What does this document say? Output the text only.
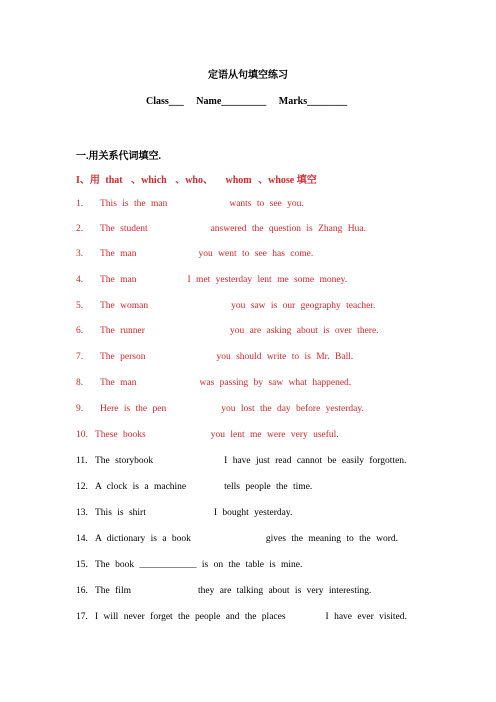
定语从句填空练习
Class___ Name_________ Marks________
一.用关系代词填空.
I、用 that 、which 、who、 whom 、whose 填空
1. This is the man	wants to see you.
2. The student	answered the question is Zhang Hua.
3. The man	you went to see has come.
4. The man	I met yesterday lent me some money.
5. The woman	you saw is our geography teacher.
6. The runner	you are asking about is over there.
7. The person	you should write to is Mr. Ball.
8. The man	was passing by saw what happened.
9. Here is the pen	you lost the day before yesterday.
10. These books	you lent me were very useful.
11. The storybook	I have just read cannot be easily forgotten.
12. A clock is a machine	tells people the time.
13. This is shirt	I bought yesterday.
14. A dictionary is a book	gives the meaning to the word.
15. The book ____________ is on the table is mine.
16. The film	they are talking about is very interesting.
17. I will never forget the people and the places	I have ever visited.
